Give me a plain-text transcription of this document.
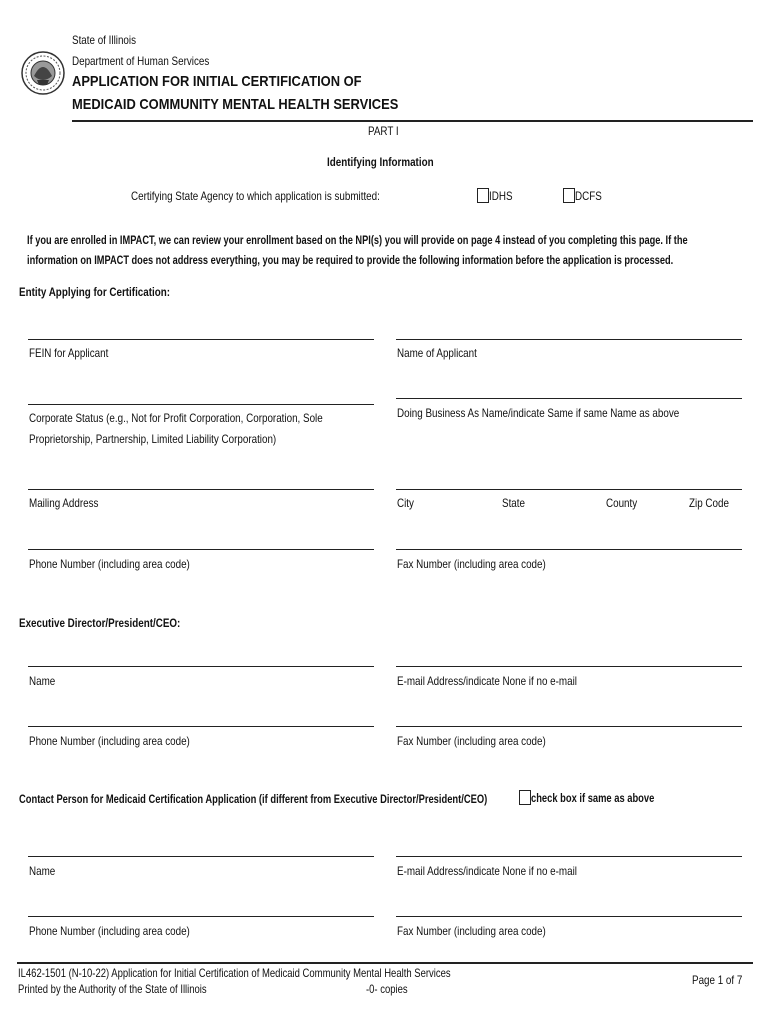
State of Illinois
Department of Human Services
APPLICATION FOR INITIAL CERTIFICATION OF
MEDICAID COMMUNITY MENTAL HEALTH SERVICES
PART I
Identifying Information
Certifying State Agency to which application is submitted:	IDHS	DCFS
If you are enrolled in IMPACT, we can review your enrollment based on the NPI(s) you will provide on page 4 instead of you completing this page. If the
information on IMPACT does not address everything, you may be required to provide the following information before the application is processed.
Entity Applying for Certification:
FEIN for Applicant	Name of Applicant
Corporate Status (e.g., Not for Profit Corporation, Corporation, Sole
Proprietorship, Partnership, Limited Liability Corporation)
Doing Business As Name/indicate Same if same Name as above
Mailing Address	City	State	County	Zip Code
Phone Number (including area code)	Fax Number (including area code)
Executive Director/President/CEO:
Name	E-mail Address/indicate None if no e-mail
Phone Number (including area code)	Fax Number (including area code)
Contact Person for Medicaid Certification Application (if different from Executive Director/President/CEO)	check box if same as above
Name	E-mail Address/indicate None if no e-mail
Phone Number (including area code)	Fax Number (including area code)
IL462-1501 (N-10-22) Application for Initial Certification of Medicaid Community Mental Health Services
Printed by the Authority of the State of Illinois	-0- copies
Page 1 of 7
